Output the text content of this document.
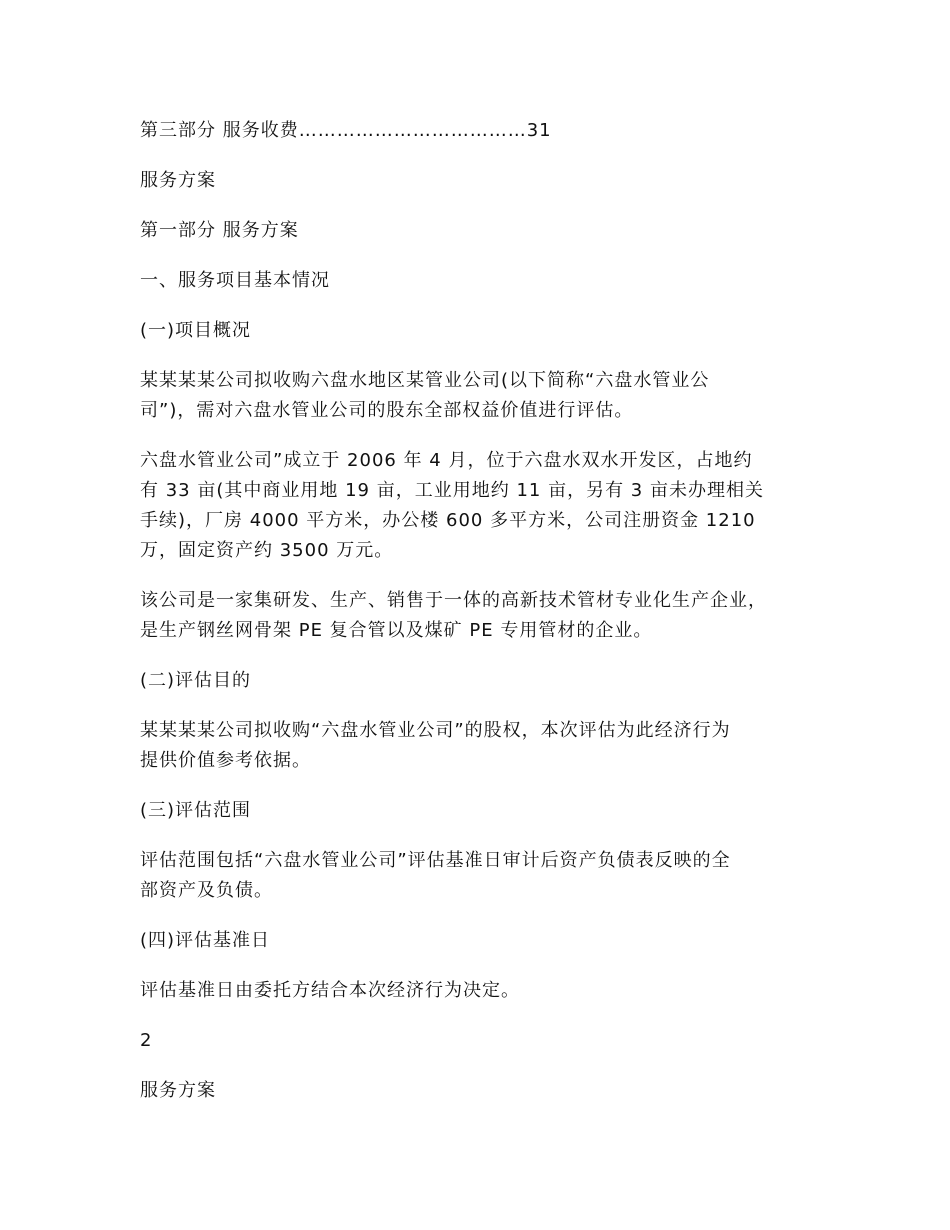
第三部分 服务收费………………………………31

服务方案

第一部分 服务方案

一、服务项目基本情况

(一)项目概况

某某某某公司拟收购六盘水地区某管业公司(以下简称“六盘水管业公
司”)，需对六盘水管业公司的股东全部权益价值进行评估。

六盘水管业公司”成立于 2006 年 4 月，位于六盘水双水开发区，占地约
有 33 亩(其中商业用地 19 亩，工业用地约 11 亩，另有 3 亩未办理相关
手续)，厂房 4000 平方米，办公楼 600 多平方米，公司注册资金 1210
万，固定资产约 3500 万元。

该公司是一家集研发、生产、销售于一体的高新技术管材专业化生产企业，
是生产钢丝网骨架 PE 复合管以及煤矿 PE 专用管材的企业。

(二)评估目的

某某某某公司拟收购“六盘水管业公司”的股权，本次评估为此经济行为
提供价值参考依据。

(三)评估范围

评估范围包括“六盘水管业公司”评估基准日审计后资产负债表反映的全
部资产及负债。

(四)评估基准日

评估基准日由委托方结合本次经济行为决定。

2

服务方案
